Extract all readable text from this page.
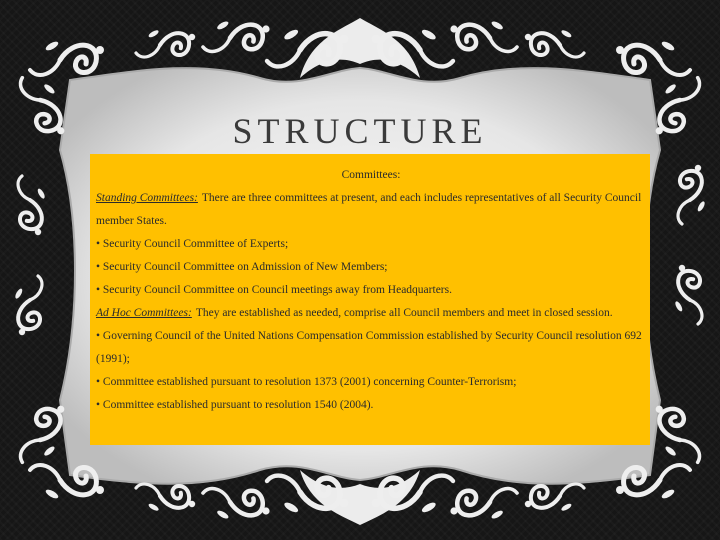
STRUCTURE

Committees:

Standing Committees: There are three committees at present, and each includes representatives of all Security Council member States.

• Security Council Committee of Experts;

• Security Council Committee on Admission of New Members;

• Security Council Committee on Council meetings away from Headquarters.

Ad Hoc Committees: They are established as needed, comprise all Council members and meet in closed session.

• Governing Council of the United Nations Compensation Commission established by Security Council resolution 692 (1991);

• Committee established pursuant to resolution 1373 (2001) concerning Counter-Terrorism;

• Committee established pursuant to resolution 1540 (2004).
